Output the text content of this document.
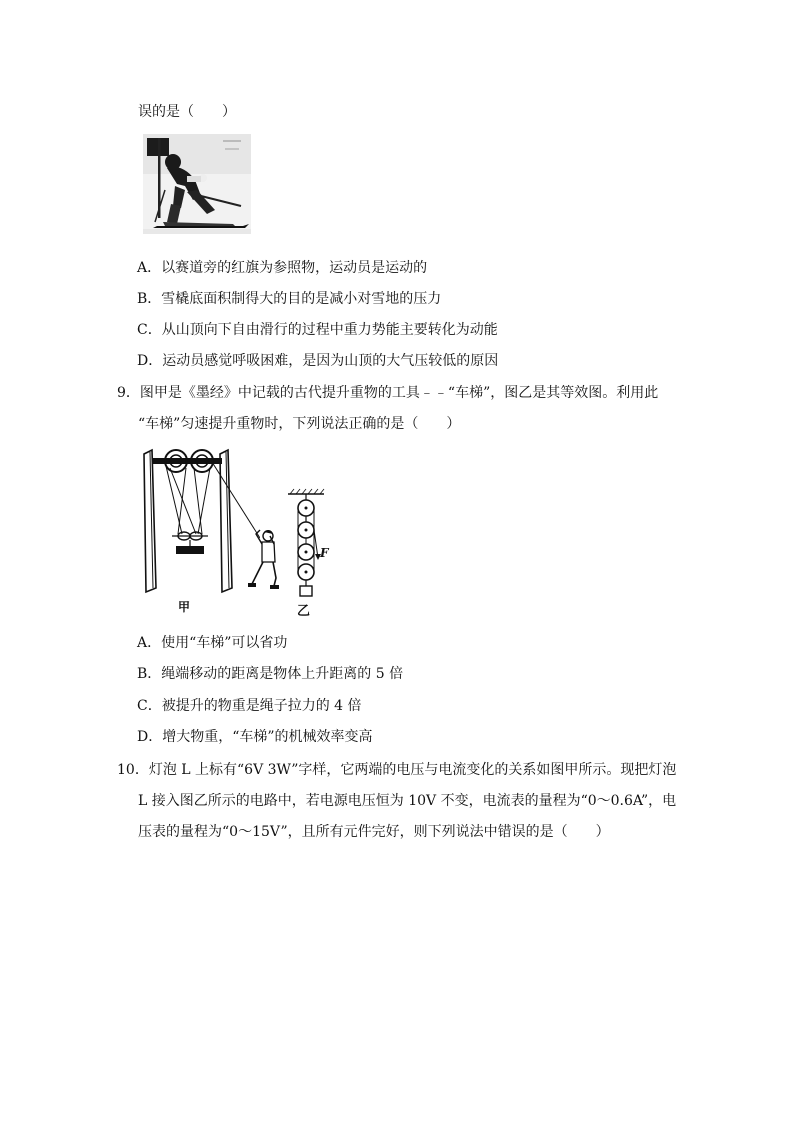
误的是（　　）
A．以赛道旁的红旗为参照物，运动员是运动的
B．雪橇底面积制得大的目的是减小对雪地的压力
C．从山顶向下自由滑行的过程中重力势能主要转化为动能
D．运动员感觉呼吸困难，是因为山顶的大气压较低的原因
9．图甲是《墨经》中记载的古代提升重物的工具﹣﹣“车梯”，图乙是其等效图。利用此
“车梯”匀速提升重物时，下列说法正确的是（　　）
甲
F
乙
A．使用“车梯”可以省功
B．绳端移动的距离是物体上升距离的 5 倍
C．被提升的物重是绳子拉力的 4 倍
D．增大物重，“车梯”的机械效率变高
10．灯泡 L 上标有“6V 3W”字样，它两端的电压与电流变化的关系如图甲所示。现把灯泡
L 接入图乙所示的电路中，若电源电压恒为 10V 不变，电流表的量程为“0～0.6A”，电
压表的量程为“0～15V”，且所有元件完好，则下列说法中错误的是（　　）
